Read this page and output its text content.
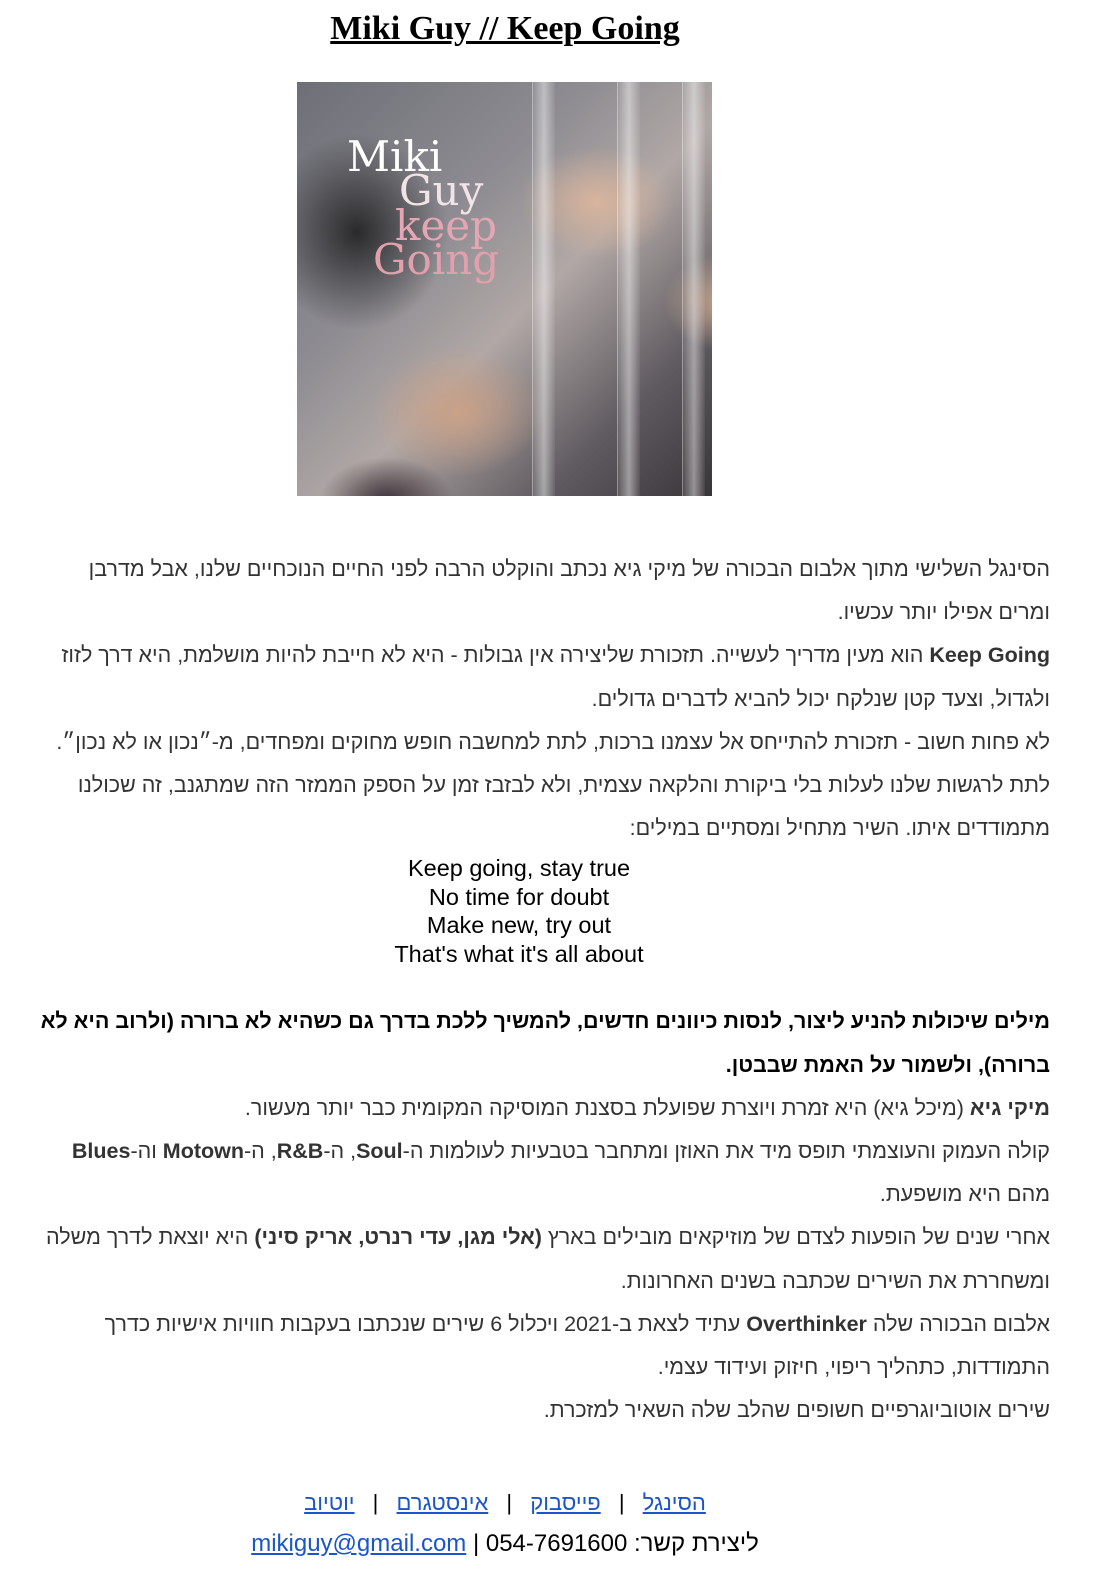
Miki Guy // Keep Going
Miki
Guy
keep
Going

הסינגל השלישי מתוך אלבום הבכורה של מיקי גיא נכתב והוקלט הרבה לפני החיים הנוכחיים שלנו, אבל מדרבן ומרים אפילו יותר עכשיו.

Keep Going הוא מעין מדריך לעשייה. תזכורת שליצירה אין גבולות - היא לא חייבת להיות מושלמת, היא דרך לזוז ולגדול, וצעד קטן שנלקח יכול להביא לדברים גדולים.

לא פחות חשוב - תזכורת להתייחס אל עצמנו ברכות, לתת למחשבה חופש מחוקים ומפחדים, מ-״נכון או לא נכון״. לתת לרגשות שלנו לעלות בלי ביקורת והלקאה עצמית, ולא לבזבז זמן על הספק הממזר הזה שמתגנב, זה שכולנו מתמודדים איתו. השיר מתחיל ומסתיים במילים:

Keep going, stay true
No time for doubt
Make new, try out
That's what it's all about

מילים שיכולות להניע ליצור, לנסות כיוונים חדשים, להמשיך ללכת בדרך גם כשהיא לא ברורה (ולרוב היא לא ברורה), ולשמור על האמת שבבטן.

מיקי גיא (מיכל גיא) היא זמרת ויוצרת שפועלת בסצנת המוסיקה המקומית כבר יותר מעשור.

קולה העמוק והעוצמתי תופס מיד את האוזן ומתחבר בטבעיות לעולמות ה-Soul, ה-R&B, ה-Motown וה-Blues מהם היא מושפעת.

אחרי שנים של הופעות לצדם של מוזיקאים מובילים בארץ (אלי מגן, עדי רנרט, אריק סיני) היא יוצאת לדרך משלה ומשחררת את השירים שכתבה בשנים האחרונות.

אלבום הבכורה שלה Overthinker עתיד לצאת ב-2021 ויכלול 6 שירים שנכתבו בעקבות חוויות אישיות כדרך התמודדות, כתהליך ריפוי, חיזוק ועידוד עצמי.

שירים אוטוביוגרפיים חשופים שהלב שלה השאיר למזכרת.

הסינגל | פייסבוק | אינסטגרם | יוטיוב
ליצירת קשר: mikiguy@gmail.com | 054-7691600
